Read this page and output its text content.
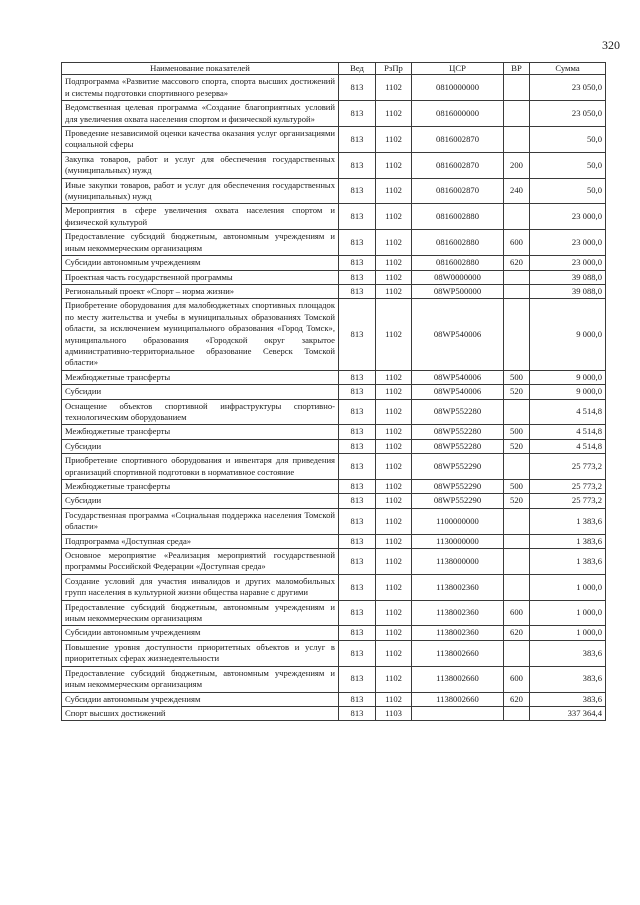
320
Наименование показателей	Вед	РзПр	ЦСР	ВР	Сумма
Подпрограмма «Развитие массового спорта, спорта высших достижений и системы подготовки спортивного резерва»	813	1102	0810000000		23 050,0
Ведомственная целевая программа «Создание благоприятных условий для увеличения охвата населения спортом и физической культурой»	813	1102	0816000000		23 050,0
Проведение независимой оценки качества оказания услуг организациями социальной сферы	813	1102	0816002870		50,0
Закупка товаров, работ и услуг для обеспечения государственных (муниципальных) нужд	813	1102	0816002870	200	50,0
Иные закупки товаров, работ и услуг для обеспечения государственных (муниципальных) нужд	813	1102	0816002870	240	50,0
Мероприятия в сфере увеличения охвата населения спортом и физической культурой	813	1102	0816002880		23 000,0
Предоставление субсидий бюджетным, автономным учреждениям и иным некоммерческим организациям	813	1102	0816002880	600	23 000,0
Субсидии автономным учреждениям	813	1102	0816002880	620	23 000,0
Проектная часть государственной программы	813	1102	08W0000000		39 088,0
Региональный проект «Спорт – норма жизни»	813	1102	08WP500000		39 088,0
Приобретение оборудования для малобюджетных спортивных площадок по месту жительства и учебы в муниципальных образованиях Томской области, за исключением муниципального образования «Город Томск», муниципального образования «Городской округ закрытое административно-территориальное образование Северск Томской области»	813	1102	08WP540006		9 000,0
Межбюджетные трансферты	813	1102	08WP540006	500	9 000,0
Субсидии	813	1102	08WP540006	520	9 000,0
Оснащение объектов спортивной инфраструктуры спортивно-технологическим оборудованием	813	1102	08WP552280		4 514,8
Межбюджетные трансферты	813	1102	08WP552280	500	4 514,8
Субсидии	813	1102	08WP552280	520	4 514,8
Приобретение спортивного оборудования и инвентаря для приведения организаций спортивной подготовки в нормативное состояние	813	1102	08WP552290		25 773,2
Межбюджетные трансферты	813	1102	08WP552290	500	25 773,2
Субсидии	813	1102	08WP552290	520	25 773,2
Государственная программа «Социальная поддержка населения Томской области»	813	1102	1100000000		1 383,6
Подпрограмма «Доступная среда»	813	1102	1130000000		1 383,6
Основное мероприятие «Реализация мероприятий государственной программы Российской Федерации «Доступная среда»	813	1102	1138000000		1 383,6
Создание условий для участия инвалидов и других маломобильных групп населения в культурной жизни общества наравне с другими	813	1102	1138002360		1 000,0
Предоставление субсидий бюджетным, автономным учреждениям и иным некоммерческим организациям	813	1102	1138002360	600	1 000,0
Субсидии автономным учреждениям	813	1102	1138002360	620	1 000,0
Повышение уровня доступности приоритетных объектов и услуг в приоритетных сферах жизнедеятельности	813	1102	1138002660		383,6
Предоставление субсидий бюджетным, автономным учреждениям и иным некоммерческим организациям	813	1102	1138002660	600	383,6
Субсидии автономным учреждениям	813	1102	1138002660	620	383,6
Спорт высших достижений	813	1103			337 364,4
